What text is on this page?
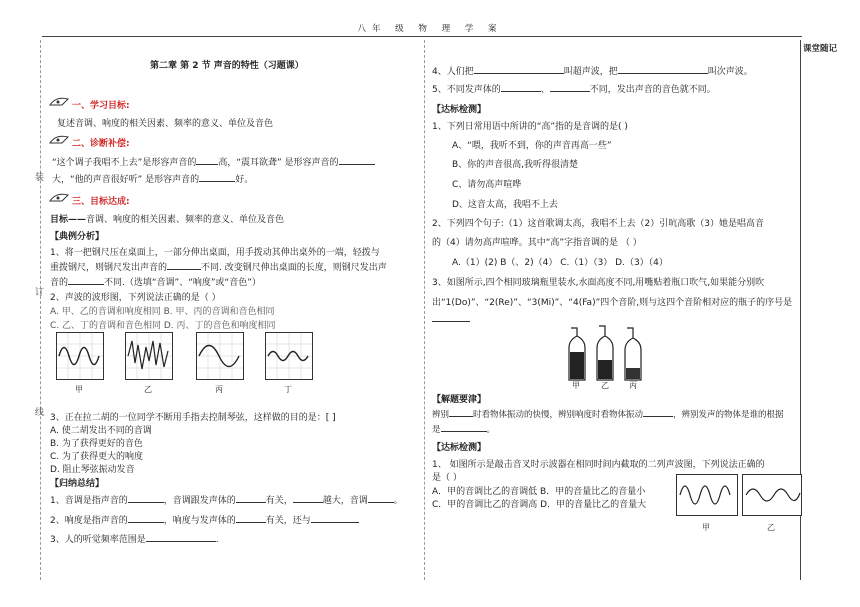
八年 级 物 理 学 案
课堂随记
装
订
线
第二章 第 2 节 声音的特性（习题课）
一、学习目标:
复述音调、响度的相关因素、频率的意义、单位及音色
二、诊断补偿:
“这个调子我唱不上去”是形容声音的 高，“震耳欲聋” 是形容声音的
大，“他的声音很好听” 是形容声音的	好。
三、目标达成:
目标——音调、响度的相关因素、频率的意义、单位及音色
【典例分析】
1、将一把钢尺压在桌面上，一部分伸出桌面，用手拨动其伸出桌外的一端，轻拨与
重拨钢尺，则钢尺发出声音的	不同. 改变钢尺伸出桌面的长度，则钢尺发出声
音的	不同.（选填“音调”、“响度”或“音色”）
2、声波的波形图，下列说法正确的是（ ）
A. 甲、乙的音调和响度相同 B. 甲、丙的音调和音色相同
C. 乙、丁的音调和音色相同 D. 丙、丁的音色和响度相同
甲	乙	丙	丁
3、正在拉二胡的一位同学不断用手指去控制琴弦，这样做的目的是：[ ]
A. 使二胡发出不同的音调
B. 为了获得更好的音色
C. 为了获得更大的响度
D. 阻止琴弦振动发音
【归纳总结】
1、音调是指声音的	，音调跟发声体的	有关，	越大，音调	。
2、响度是指声音的	，响度与发声体的	有关，还与
3、人的听觉频率范围是	.
4、人们把	叫超声波，把	叫次声波。
5、不同发声体的	、	不同，发出声音的音色就不同。
【达标检测】
1、下列日常用语中所讲的“高”指的是音调的是( )
A、“喂，我听不到，你的声音再高一些”
B、你的声音很高,我听得很清楚
C、请勿高声喧哗
D、这音太高，我唱不上去
2、下列四个句子:（1）这首歌调太高，我唱不上去（2）引吭高歌（3）她是唱高音
的（4）请勿高声喧哗。其中“高”字指音调的是 （ ）
A.（1）(2) B（、2)（4） C.（1）（3） D.（3）（4）
3、如图所示,四个相同玻璃瓶里装水,水面高度不同,用嘴贴着瓶口吹气,如果能分别吹
出“1(Do)”、“2(Re)”、“3(Mi)”、“4(Fa)”四个音阶,则与这四个音阶相对应的瓶子的序号是
甲	乙	丙
【解题要津】
辨别	时看物体振动的快慢，辨别响度时看物体振动	，辨别发声的物体是谁的根据
是	。
【达标检测】
1、 如图所示是敲击音叉时示波器在相同时间内截取的二列声波图，下列说法正确的
是（ ）
A．甲的音调比乙的音调低 B．甲的音量比乙的音量小
C．甲的音调比乙的音调高 D．甲的音量比乙的音量大
甲	乙
